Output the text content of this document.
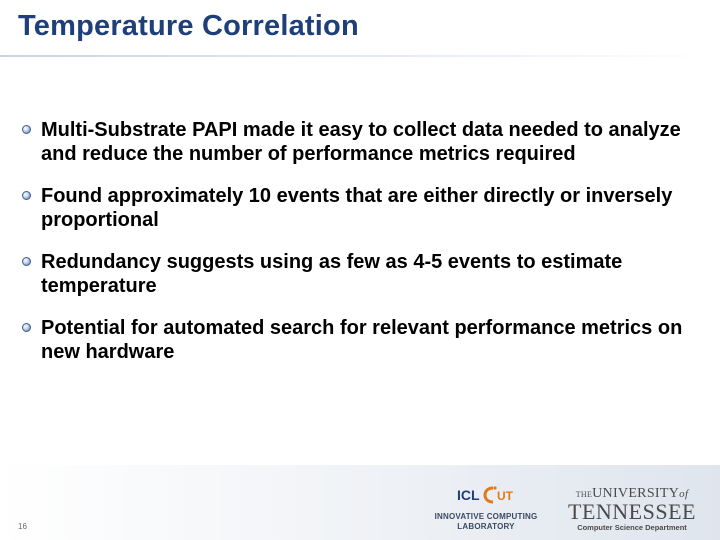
Temperature Correlation
Multi-Substrate PAPI made it easy to collect data needed to analyze and reduce the number of performance metrics required
Found approximately 10 events that are either directly or inversely proportional
Redundancy suggests using as few as 4-5 events to estimate temperature
Potential for automated search for relevant performance metrics on new hardware
16
ICL UT
INNOVATIVE COMPUTING
LABORATORY
THEUNIVERSITYof
TENNESSEE
Computer Science Department
